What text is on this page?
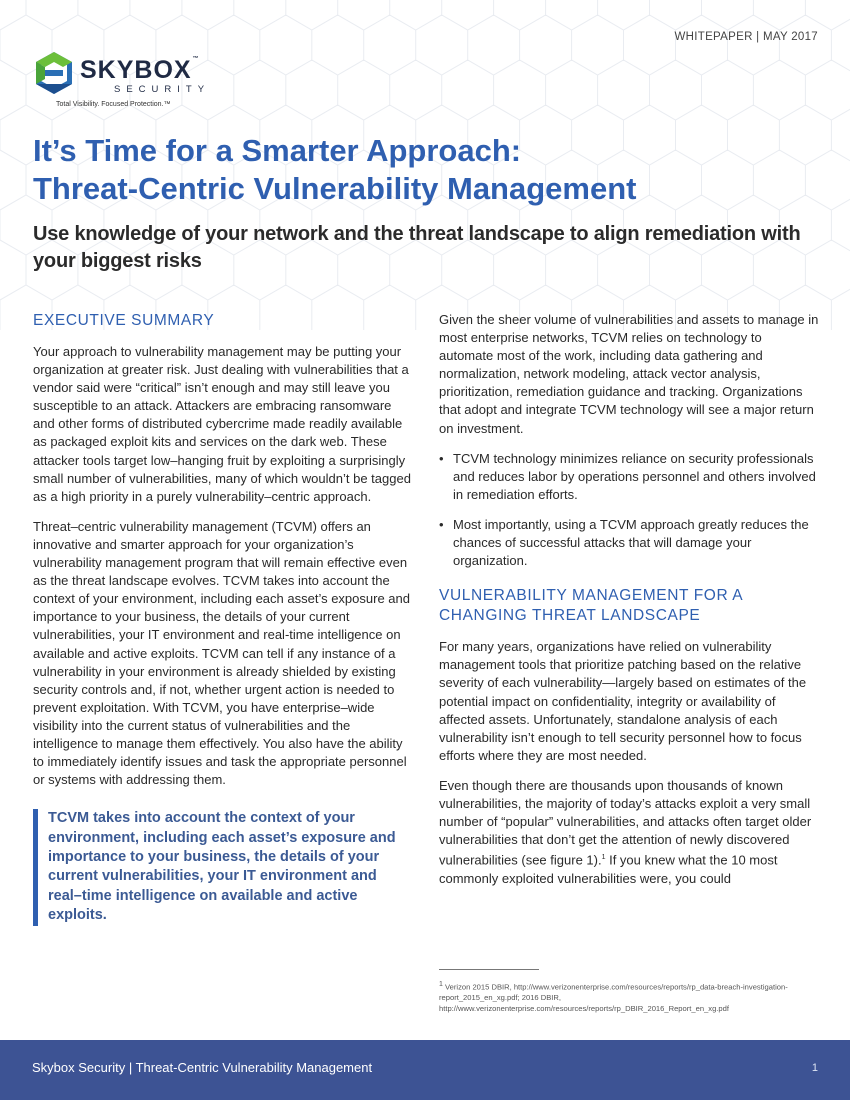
WHITEPAPER | MAY 2017
SKYBOX™
SECURITY
Total Visibility. Focused Protection.™
It’s Time for a Smarter Approach:
Threat-Centric Vulnerability Management
Use knowledge of your network and the threat landscape to align remediation with your biggest risks
EXECUTIVE SUMMARY

Your approach to vulnerability management may be putting your organization at greater risk. Just dealing with vulnerabilities that a vendor said were “critical” isn’t enough and may still leave you susceptible to an attack. Attackers are embracing ransomware and other forms of distributed cybercrime made readily available as packaged exploit kits and services on the dark web. These attacker tools target low–hanging fruit by exploiting a surprisingly small number of vulnerabilities, many of which wouldn’t be tagged as a high priority in a purely vulnerability–centric approach.

Threat–centric vulnerability management (TCVM) offers an innovative and smarter approach for your organization’s vulnerability management program that will remain effective even as the threat landscape evolves. TCVM takes into account the context of your environment, including each asset’s exposure and importance to your business, the details of your current vulnerabilities, your IT environment and real-time intelligence on available and active exploits. TCVM can tell if any instance of a vulnerability in your environment is already shielded by existing security controls and, if not, whether urgent action is needed to prevent exploitation. With TCVM, you have enterprise–wide visibility into the current status of vulnerabilities and the intelligence to manage them effectively. You also have the ability to immediately identify issues and task the appropriate personnel or systems with addressing them.

TCVM takes into account the context of your environment, including each asset’s exposure and importance to your business, the details of your current vulnerabilities, your IT environment and real–time intelligence on available and active exploits.

Given the sheer volume of vulnerabilities and assets to manage in most enterprise networks, TCVM relies on technology to automate most of the work, including data gathering and normalization, network modeling, attack vector analysis, prioritization, remediation guidance and tracking. Organizations that adopt and integrate TCVM technology will see a major return on investment.

• TCVM technology minimizes reliance on security professionals and reduces labor by operations personnel and others involved in remediation efforts.
• Most importantly, using a TCVM approach greatly reduces the chances of successful attacks that will damage your organization.
VULNERABILITY MANAGEMENT FOR A CHANGING THREAT LANDSCAPE

For many years, organizations have relied on vulnerability management tools that prioritize patching based on the relative severity of each vulnerability—largely based on estimates of the potential impact on confidentiality, integrity or availability of affected assets. Unfortunately, standalone analysis of each vulnerability isn’t enough to tell security personnel how to focus efforts where they are most needed.

Even though there are thousands upon thousands of known vulnerabilities, the majority of today’s attacks exploit a very small number of “popular” vulnerabilities, and attacks often target older vulnerabilities that don’t get the attention of newly discovered vulnerabilities (see figure 1).$^1$ If you knew what the 10 most commonly exploited vulnerabilities were, you could

$^1$ Verizon 2015 DBIR, http://www.verizonenterprise.com/resources/reports/rp_data-breach-investigation-report_2015_en_xg.pdf; 2016 DBIR, http://www.verizonenterprise.com/resources/reports/rp_DBIR_2016_Report_en_xg.pdf
Skybox Security | Threat-Centric Vulnerability Management	1
